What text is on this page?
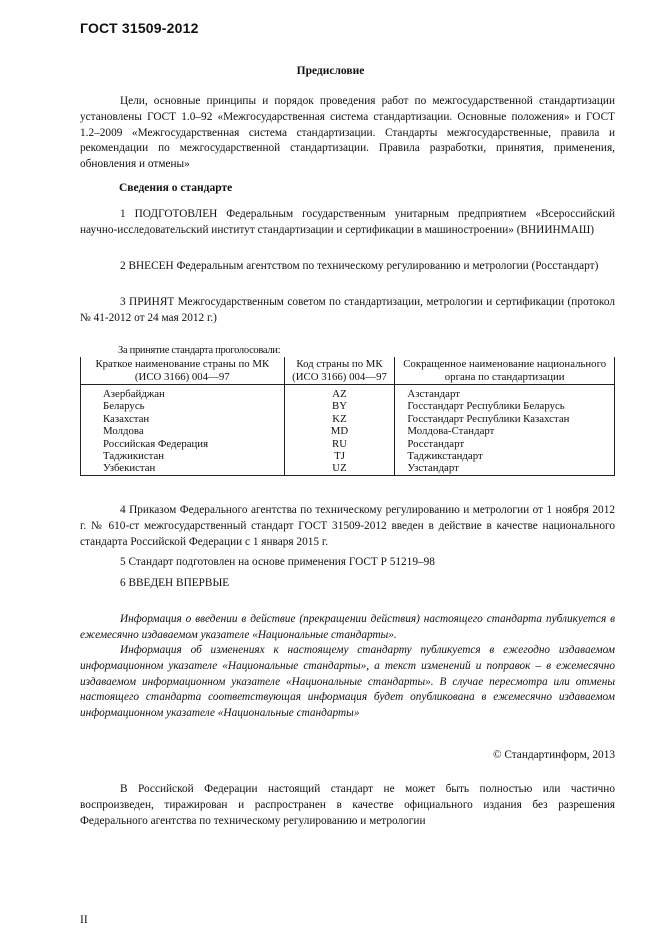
ГОСТ 31509-2012
Предисловие
Цели, основные принципы и порядок проведения работ по межгосударственной стандартизации установлены ГОСТ 1.0–92 «Межгосударственная система стандартизации. Основные положения» и ГОСТ 1.2–2009 «Межгосударственная система стандартизации. Стандарты межгосударственные, правила и рекомендации по межгосударственной стандартизации. Правила разработки, принятия, применения, обновления и отмены»
Сведения о стандарте
1 ПОДГОТОВЛЕН Федеральным государственным унитарным предприятием «Всероссийский научно-исследовательский институт стандартизации и сертификации в машиностроении» (ВНИИНМАШ)
2 ВНЕСЕН Федеральным агентством по техническому регулированию и метрологии (Росстандарт)
3 ПРИНЯТ Межгосударственным советом по стандартизации, метрологии и сертификации (протокол № 41-2012 от 24 мая 2012 г.)
За принятие стандарта проголосовали:
Краткое наименование страны по МК (ИСО 3166) 004—97	Код страны по МК (ИСО 3166) 004—97	Сокращенное наименование национального органа по стандартизации
Азербайджан	AZ	Азстандарт
Беларусь	BY	Госстандарт Республики Беларусь
Казахстан	KZ	Госстандарт Республики Казахстан
Молдова	MD	Молдова-Стандарт
Российская Федерация	RU	Росстандарт
Таджикистан	TJ	Таджикстандарт
Узбекистан	UZ	Узстандарт
4 Приказом Федерального агентства по техническому регулированию и метрологии от 1 ноября 2012 г. № 610-ст межгосударственный стандарт ГОСТ 31509-2012 введен в действие в качестве национального стандарта Российской Федерации с 1 января 2015 г.
5 Стандарт подготовлен на основе применения ГОСТ Р 51219–98
6 ВВЕДЕН ВПЕРВЫЕ
Информация о введении в действие (прекращении действия) настоящего стандарта публикуется в ежемесячно издаваемом указателе «Национальные стандарты».
Информация об изменениях к настоящему стандарту публикуется в ежегодно издаваемом информационном указателе «Национальные стандарты», а текст изменений и поправок – в ежемесячно издаваемом информационном указателе «Национальные стандарты». В случае пересмотра или отмены настоящего стандарта соответствующая информация будет опубликована в ежемесячно издаваемом информационном указателе «Национальные стандарты»
© Стандартинформ, 2013
В Российской Федерации настоящий стандарт не может быть полностью или частично воспроизведен, тиражирован и распространен в качестве официального издания без разрешения Федерального агентства по техническому регулированию и метрологии
II
